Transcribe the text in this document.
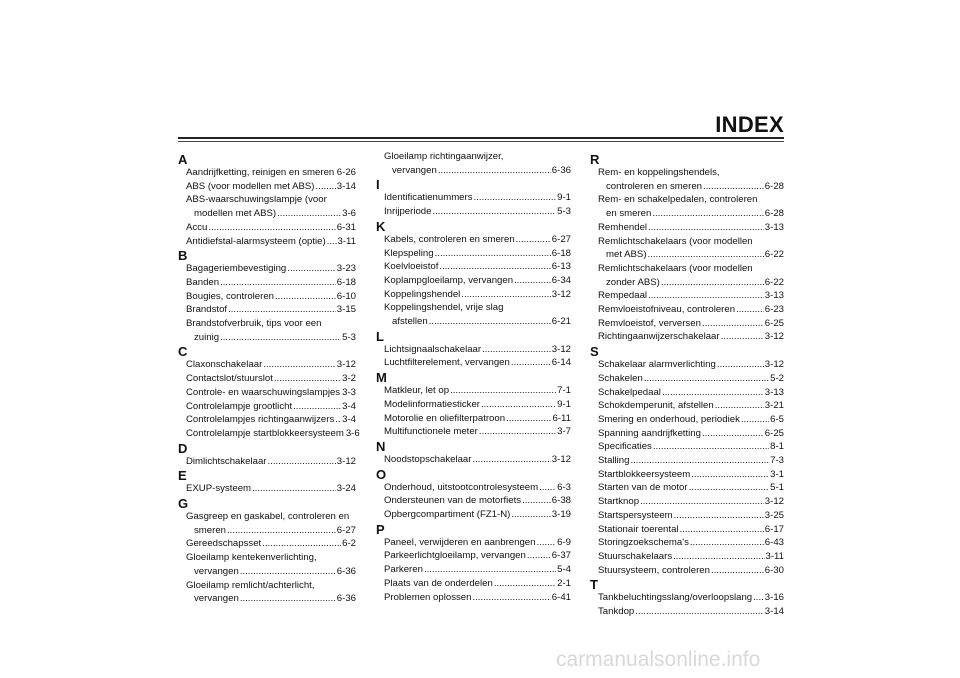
INDEX
A
Aandrijfketting, reinigen en smeren ..... 6-26
ABS (voor modellen met ABS) ..... 3-14
ABS-waarschuwingslampje (voor
modellen met ABS) .....	3-6
Accu .....	6-31
Antidiefstal-alarmsysteem (optie) ..... 3-11
B
Bagageriembevestiging .....	3-23
Banden .....	6-18
Bougies, controleren .....	6-10
Brandstof .....	3-15
Brandstofverbruik, tips voor een
zuinig .....	5-3
C
Claxonschakelaar .....	3-12
Contactslot/stuurslot .....	3-2
Controle- en waarschuwingslampjes ..... 3-3
Controlelampje grootlicht .....	3-4
Controlelampjes richtingaanwijzers ..... 3-4
Controlelampje startblokkeersysteem 3-6
D
Dimlichtschakelaar .....	3-12
E
EXUP-systeem .....	3-24
G
Gasgreep en gaskabel, controleren en
smeren .....	6-27
Gereedschapsset .....	6-2
Gloeilamp kentekenverlichting,
vervangen .....	6-36
Gloeilamp remlicht/achterlicht,
vervangen .....	6-36
Gloeilamp richtingaanwijzer,
vervangen .....	6-36
I
Identificatienummers .....	9-1
Inrijperiode .....	5-3
K
Kabels, controleren en smeren .....	6-27
Klepspeling .....	6-18
Koelvloeistof .....	6-13
Koplampgloeilamp, vervangen .....	6-34
Koppelingshendel .....	3-12
Koppelingshendel, vrije slag
afstellen .....	6-21
L
Lichtsignaalschakelaar .....	3-12
Luchtfilterelement, vervangen .....	6-14
M
Matkleur, let op .....	7-1
Modelinformatiesticker .....	9-1
Motorolie en oliefilterpatroon .....	6-11
Multifunctionele meter .....	3-7
N
Noodstopschakelaar .....	3-12
O
Onderhoud, uitstootcontrolesysteem ..... 6-3
Ondersteunen van de motorfiets .....	6-38
Opbergcompartiment (FZ1-N) .....	3-19
P
Paneel, verwijderen en aanbrengen ..... 6-9
Parkeerlichtgloeilamp, vervangen .....	6-37
Parkeren .....	5-4
Plaats van de onderdelen .....	2-1
Problemen oplossen .....	6-41
R
Rem- en koppelingshendels,
controleren en smeren .....	6-28
Rem- en schakelpedalen, controleren
en smeren .....	6-28
Remhendel .....	3-13
Remlichtschakelaars (voor modellen
met ABS) .....	6-22
Remlichtschakelaars (voor modellen
zonder ABS) .....	6-22
Rempedaal .....	3-13
Remvloeistofniveau, controleren .....	6-23
Remvloeistof, verversen .....	6-25
Richtingaanwijzerschakelaar .....	3-12
S
Schakelaar alarmverlichting .....	3-12
Schakelen .....	5-2
Schakelpedaal .....	3-13
Schokdemperunit, afstellen .....	3-21
Smering en onderhoud, periodiek .....	6-5
Spanning aandrijfketting .....	6-25
Specificaties .....	8-1
Stalling .....	7-3
Startblokkeersysteem .....	3-1
Starten van de motor .....	5-1
Startknop .....	3-12
Startspersysteem .....	3-25
Stationair toerental .....	6-17
Storingzoekschema's .....	6-43
Stuurschakelaars .....	3-11
Stuursysteem, controleren .....	6-30
T
Tankbeluchtingsslang/overloopslang ..... 3-16
Tankdop .....	3-14
carmanualsonline.info
